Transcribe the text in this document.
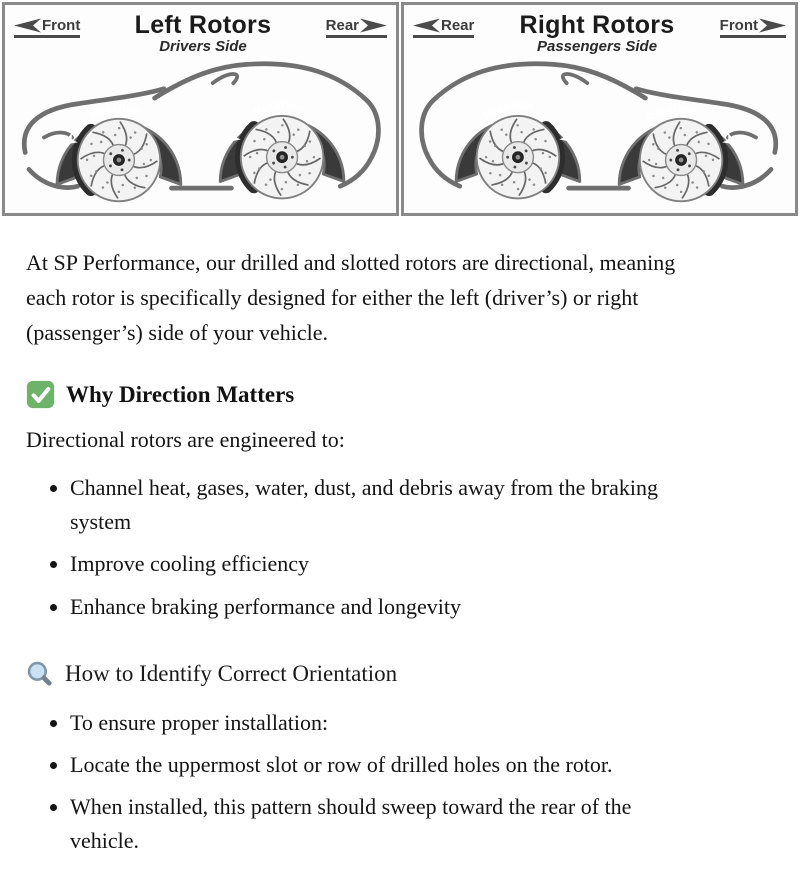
Front	Left Rotors
Drivers Side
Rear
Rotation	Rotation
Rear	Right Rotors
Passengers Side
Front
Rotation
Rotation

At SP Performance, our drilled and slotted rotors are directional, meaning each rotor is specifically designed for either the left (driver’s) or right (passenger’s) side of your vehicle.

Why Direction Matters

Directional rotors are engineered to:

• Channel heat, gases, water, dust, and debris away from the braking system
• Improve cooling efficiency
• Enhance braking performance and longevity
How to Identify Correct Orientation
• To ensure proper installation:
• Locate the uppermost slot or row of drilled holes on the rotor.
• When installed, this pattern should sweep toward the rear of the vehicle.
